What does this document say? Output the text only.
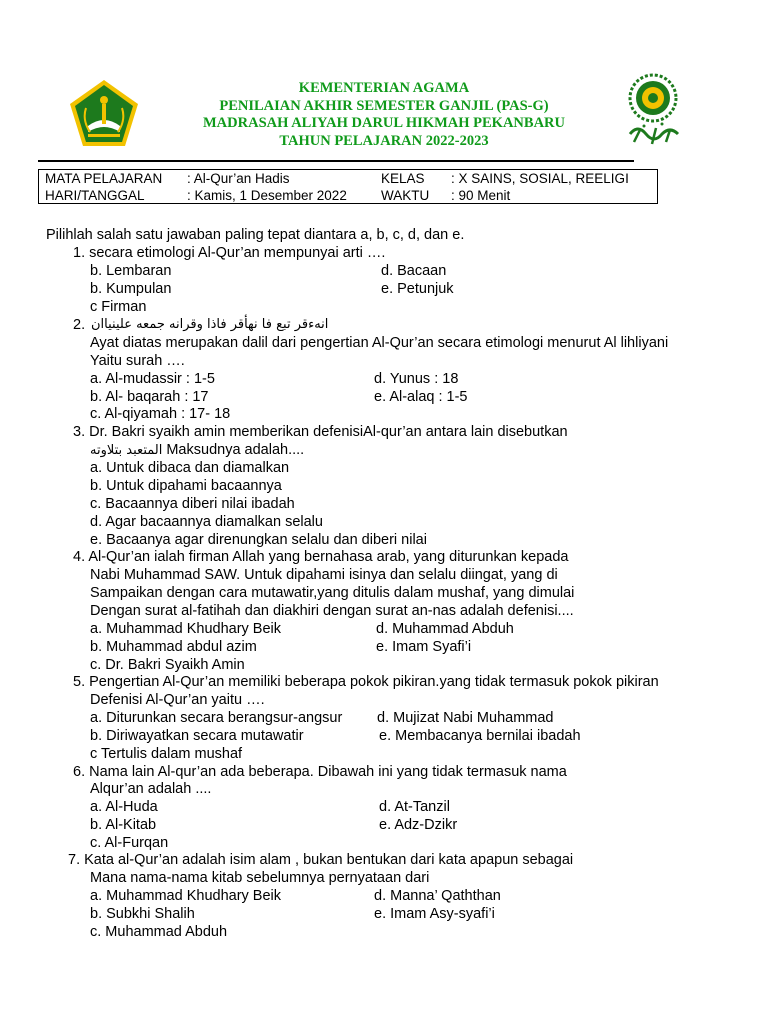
KEMENTERIAN AGAMA
PENILAIAN AKHIR SEMESTER GANJIL (PAS-G)
MADRASAH ALIYAH DARUL HIKMAH PEKANBARU
TAHUN PELAJARAN 2022-2023
MATA PELAJARAN : Al-Qur’an Hadis	KELAS : X SAINS, SOSIAL, REELIGI
HARI/TANGGAL	: Kamis, 1 Desember 2022	WAKTU : 90 Menit
Pilihlah salah satu jawaban paling tepat diantara a, b, c, d, dan e.
1. secara etimologi Al-Qur’an mempunyai arti ….
b. Lembaran	d. Bacaan
b. Kumpulan	e. Petunjuk
c Firman
2. انهءقر تبع فا نهأقر فاذا وقرانه جمعه علينياان
Ayat diatas merupakan dalil dari pengertian Al-Qur’an secara etimologi menurut Al lihliyani
Yaitu surah ….
a. Al-mudassir : 1-5	d. Yunus : 18
b. Al- baqarah : 17	e. Al-alaq : 1-5
c. Al-qiyamah : 17- 18
3. Dr. Bakri syaikh amin memberikan defenisiAl-qur’an antara lain disebutkan
المتعبد بتلاوته Maksudnya adalah....
a. Untuk dibaca dan diamalkan
b. Untuk dipahami bacaannya
c. Bacaannya diberi nilai ibadah
d. Agar bacaannya diamalkan selalu
e. Bacaanya agar direnungkan selalu dan diberi nilai
4. Al-Qur’an ialah firman Allah yang bernahasa arab, yang diturunkan kepada
Nabi Muhammad SAW. Untuk dipahami isinya dan selalu diingat, yang di
Sampaikan dengan cara mutawatir,yang ditulis dalam mushaf, yang dimulai
Dengan surat al-fatihah dan diakhiri dengan surat an-nas adalah defenisi....
a. Muhammad Khudhary Beik	d. Muhammad Abduh
b. Muhammad abdul azim	e. Imam Syafi’i
c. Dr. Bakri Syaikh Amin
5. Pengertian Al-Qur’an memiliki beberapa pokok pikiran.yang tidak termasuk pokok pikiran
Defenisi Al-Qur’an yaitu ….
a. Diturunkan secara berangsur-angsur d. Mujizat Nabi Muhammad
b. Diriwayatkan secara mutawatir	e. Membacanya bernilai ibadah
c Tertulis dalam mushaf
6. Nama lain Al-qur’an ada beberapa. Dibawah ini yang tidak termasuk nama
Alqur’an adalah ....
a. Al-Huda	d. At-Tanzil
b. Al-Kitab	e. Adz-Dzikr
c. Al-Furqan
7. Kata al-Qur’an adalah isim alam , bukan bentukan dari kata apapun sebagai
Mana nama-nama kitab sebelumnya pernyataan dari
a. Muhammad Khudhary Beik	d. Manna’ Qaththan
b. Subkhi Shalih	e. Imam Asy-syafi’i
c. Muhammad Abduh
